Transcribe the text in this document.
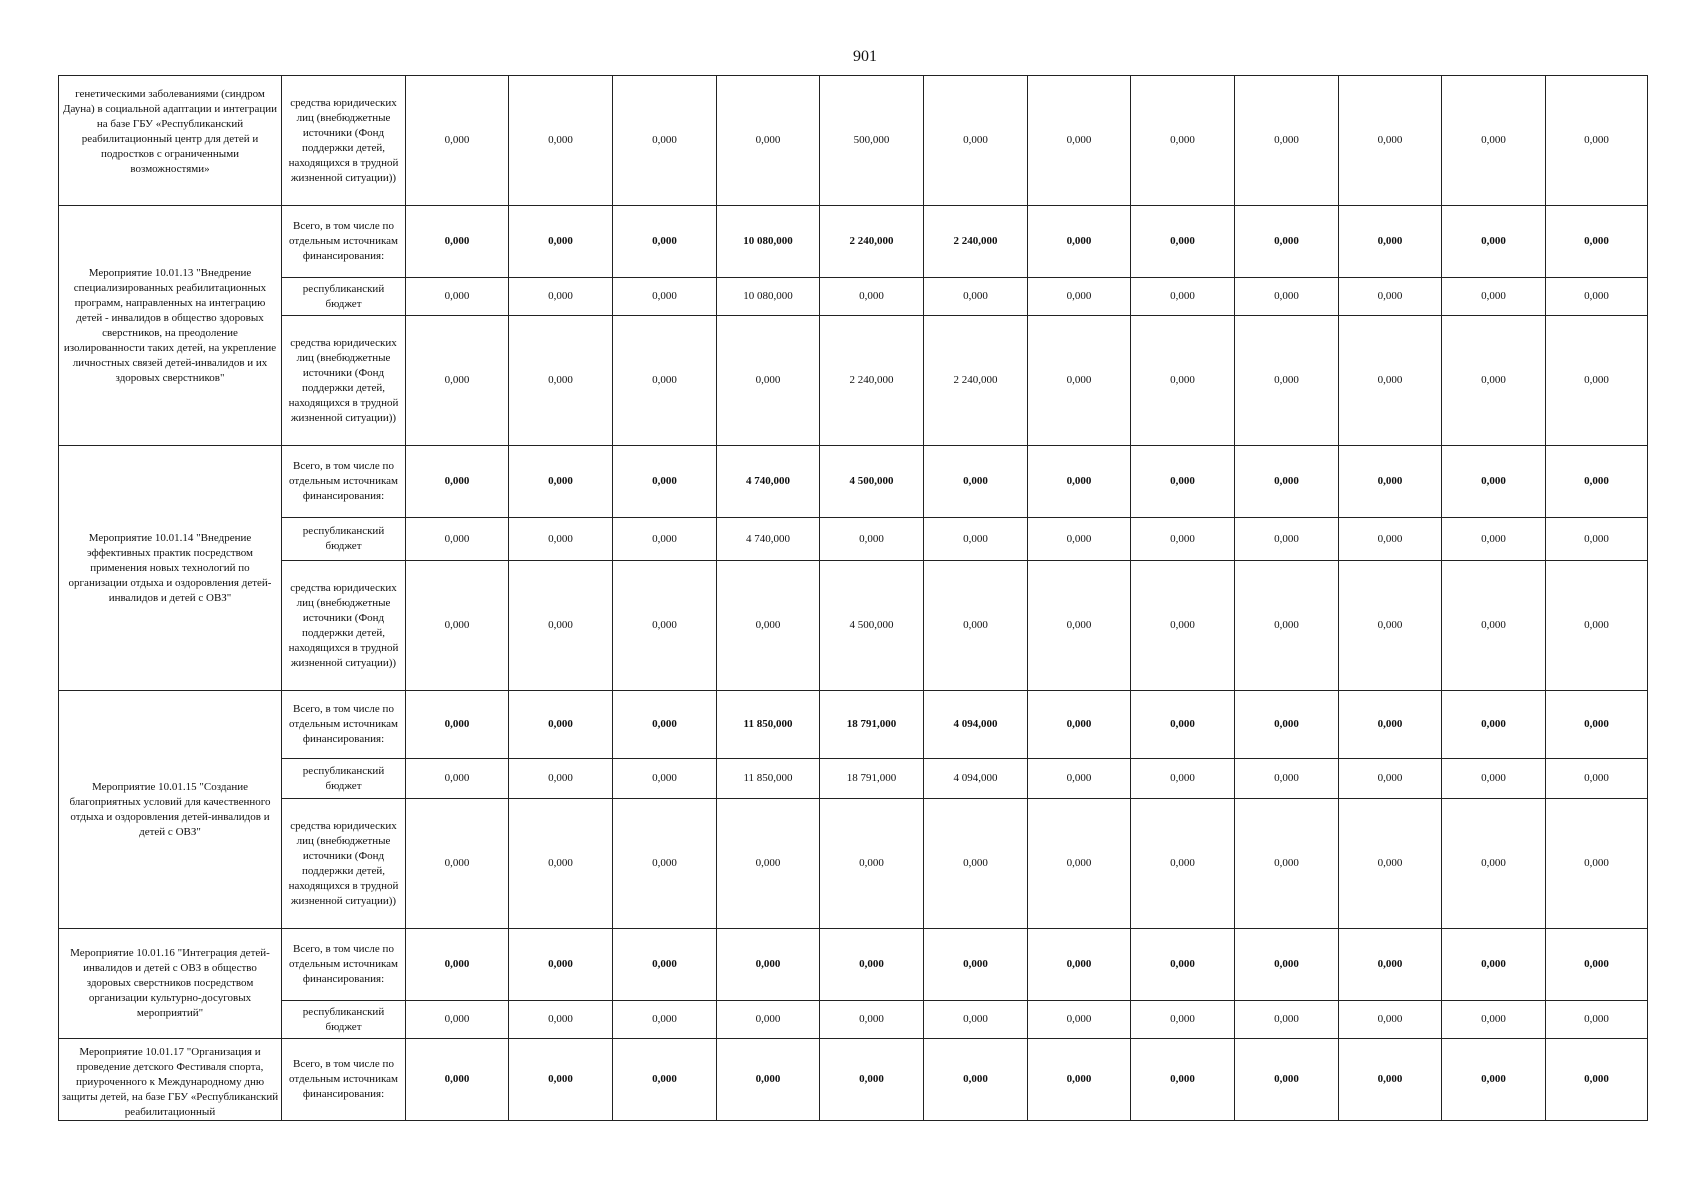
901
генетическими заболеваниями (синдром Дауна) в социальной адаптации и интеграции на базе ГБУ «Республиканский реабилитационный центр для детей и подростков с ограниченными возможностями»	средства юридических лиц (внебюджетные источники (Фонд поддержки детей, находящихся в трудной жизненной ситуации))	0,000	0,000	0,000	0,000	500,000	0,000	0,000	0,000	0,000	0,000	0,000	0,000

Мероприятие 10.01.13 "Внедрение специализированных реабилитационных программ, направленных на интеграцию детей - инвалидов в общество здоровых сверстников, на преодоление изолированности таких детей, на укрепление личностных связей детей-инвалидов и их здоровых сверстников"	Всего, в том числе по отдельным источникам финансирования:	0,000	0,000	0,000	10 080,000	2 240,000	2 240,000	0,000	0,000	0,000	0,000	0,000	0,000
	республиканский бюджет	0,000	0,000	0,000	10 080,000	0,000	0,000	0,000	0,000	0,000	0,000	0,000	0,000
	средства юридических лиц (внебюджетные источники (Фонд поддержки детей, находящихся в трудной жизненной ситуации))	0,000	0,000	0,000	0,000	2 240,000	2 240,000	0,000	0,000	0,000	0,000	0,000	0,000

Мероприятие 10.01.14 "Внедрение эффективных практик посредством применения новых технологий по организации отдыха и оздоровления детей-инвалидов и детей с ОВЗ"	Всего, в том числе по отдельным источникам финансирования:	0,000	0,000	0,000	4 740,000	4 500,000	0,000	0,000	0,000	0,000	0,000	0,000	0,000
	республиканский бюджет	0,000	0,000	0,000	4 740,000	0,000	0,000	0,000	0,000	0,000	0,000	0,000	0,000
	средства юридических лиц (внебюджетные источники (Фонд поддержки детей, находящихся в трудной жизненной ситуации))	0,000	0,000	0,000	0,000	4 500,000	0,000	0,000	0,000	0,000	0,000	0,000	0,000

Мероприятие 10.01.15 "Создание благоприятных условий для качественного отдыха и оздоровления детей-инвалидов и детей с ОВЗ"	Всего, в том числе по отдельным источникам финансирования:	0,000	0,000	0,000	11 850,000	18 791,000	4 094,000	0,000	0,000	0,000	0,000	0,000	0,000
	республиканский бюджет	0,000	0,000	0,000	11 850,000	18 791,000	4 094,000	0,000	0,000	0,000	0,000	0,000	0,000
	средства юридических лиц (внебюджетные источники (Фонд поддержки детей, находящихся в трудной жизненной ситуации))	0,000	0,000	0,000	0,000	0,000	0,000	0,000	0,000	0,000	0,000	0,000	0,000

Мероприятие 10.01.16 "Интеграция детей-инвалидов и детей с ОВЗ в общество здоровых сверстников посредством организации культурно-досуговых мероприятий"	Всего, в том числе по отдельным источникам финансирования:	0,000	0,000	0,000	0,000	0,000	0,000	0,000	0,000	0,000	0,000	0,000	0,000
	республиканский бюджет	0,000	0,000	0,000	0,000	0,000	0,000	0,000	0,000	0,000	0,000	0,000	0,000

Мероприятие 10.01.17 "Организация и проведение детского Фестиваля спорта, приуроченного к Международному дню защиты детей, на базе ГБУ «Республиканский реабилитационный	Всего, в том числе по отдельным источникам финансирования:	0,000	0,000	0,000	0,000	0,000	0,000	0,000	0,000	0,000	0,000	0,000	0,000
